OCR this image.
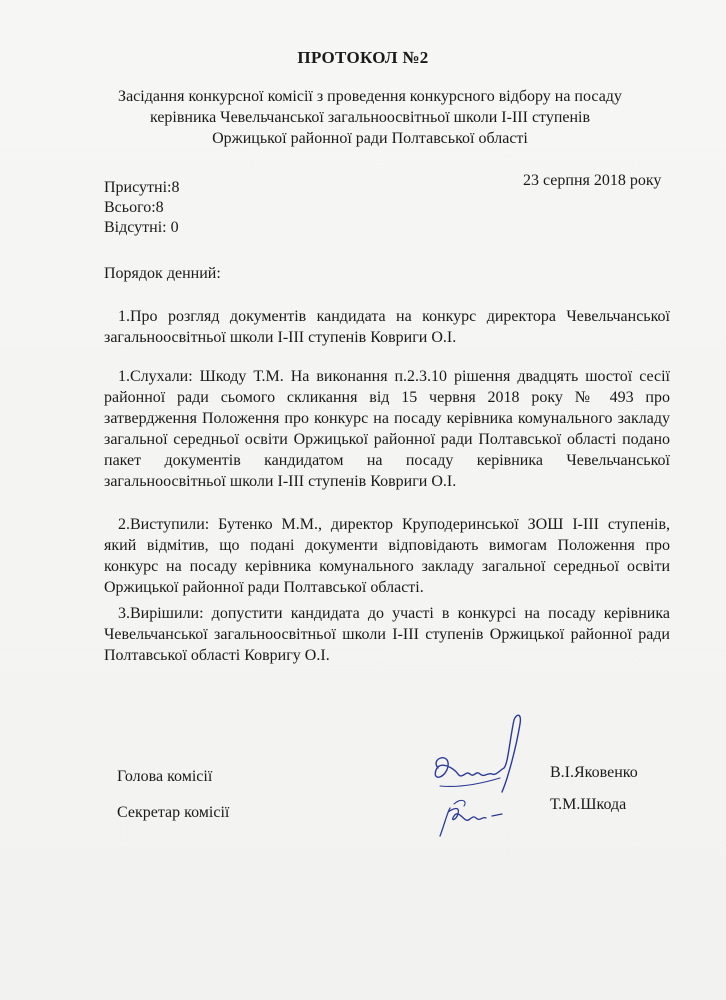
ПРОТОКОЛ №2
Засідання конкурсної комісії з проведення конкурсного відбору на посаду
керівника Чевельчанської загальноосвітньої школи І-ІІІ ступенів
Оржицької районної ради Полтавської області
23 серпня 2018 року
Присутні:8
Всього:8
Відсутні: 0
Порядок денний:
1.Про розгляд документів кандидата на конкурс директора Чевельчанської загальноосвітньої школи І-ІІІ ступенів Ковриги О.І.
1.Слухали: Шкоду Т.М. На виконання п.2.3.10 рішення двадцять шостої сесії районної ради сьомого скликання від 15 червня 2018 року № 493 про затвердження Положення про конкурс на посаду керівника комунального закладу загальної середньої освіти Оржицької районної ради Полтавської області подано пакет документів кандидатом на посаду керівника Чевельчанської загальноосвітньої школи І-ІІІ ступенів Ковриги О.І.
2.Виступили: Бутенко М.М., директор Круподеринської ЗОШ І-ІІІ ступенів, який відмітив, що подані документи відповідають вимогам Положення про конкурс на посаду керівника комунального закладу загальної середньої освіти Оржицької районної ради Полтавської області.
3.Вирішили: допустити кандидата до участі в конкурсі на посаду керівника Чевельчанської загальноосвітньої школи І-ІІІ ступенів Оржицької районної ради Полтавської області Ковригу О.І.
Голова комісії
Секретар комісії
В.І.Яковенко
Т.М.Шкода
